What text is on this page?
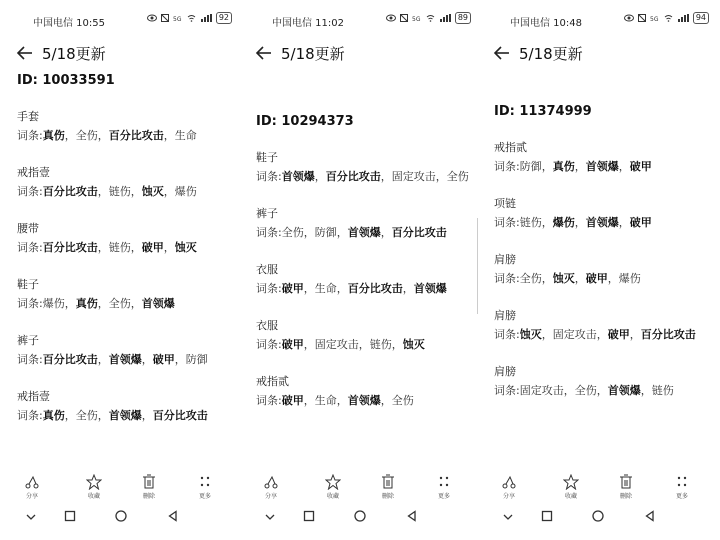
中国电信 10:55	5G	92
5/18更新
ID: 10033591
手套
词条:真伤，全伤，百分比攻击，生命
戒指壹
词条:百分比攻击，链伤，蚀灭，爆伤
腰带
词条:百分比攻击，链伤，破甲，蚀灭
鞋子
词条:爆伤，真伤，全伤，首领爆
裤子
词条:百分比攻击，首领爆，破甲，防御
戒指壹
词条:真伤，全伤，首领爆，百分比攻击
分享	收藏	删除	更多
中国电信 11:02	5G	89
5/18更新
ID: 10294373
鞋子
词条:首领爆，百分比攻击，固定攻击，全伤
裤子
词条:全伤，防御，首领爆，百分比攻击
衣服
词条:破甲，生命，百分比攻击，首领爆
衣服
词条:破甲，固定攻击，链伤，蚀灭
戒指贰
词条:破甲，生命，首领爆，全伤
分享	收藏	删除	更多
中国电信 10:48	5G	94
5/18更新
ID: 11374999
戒指贰
词条:防御，真伤，首领爆，破甲
项链
词条:链伤，爆伤，首领爆，破甲
肩膀
词条:全伤，蚀灭，破甲，爆伤
肩膀
词条:蚀灭，固定攻击，破甲，百分比攻击
肩膀
词条:固定攻击，全伤，首领爆，链伤
分享	收藏	删除	更多
